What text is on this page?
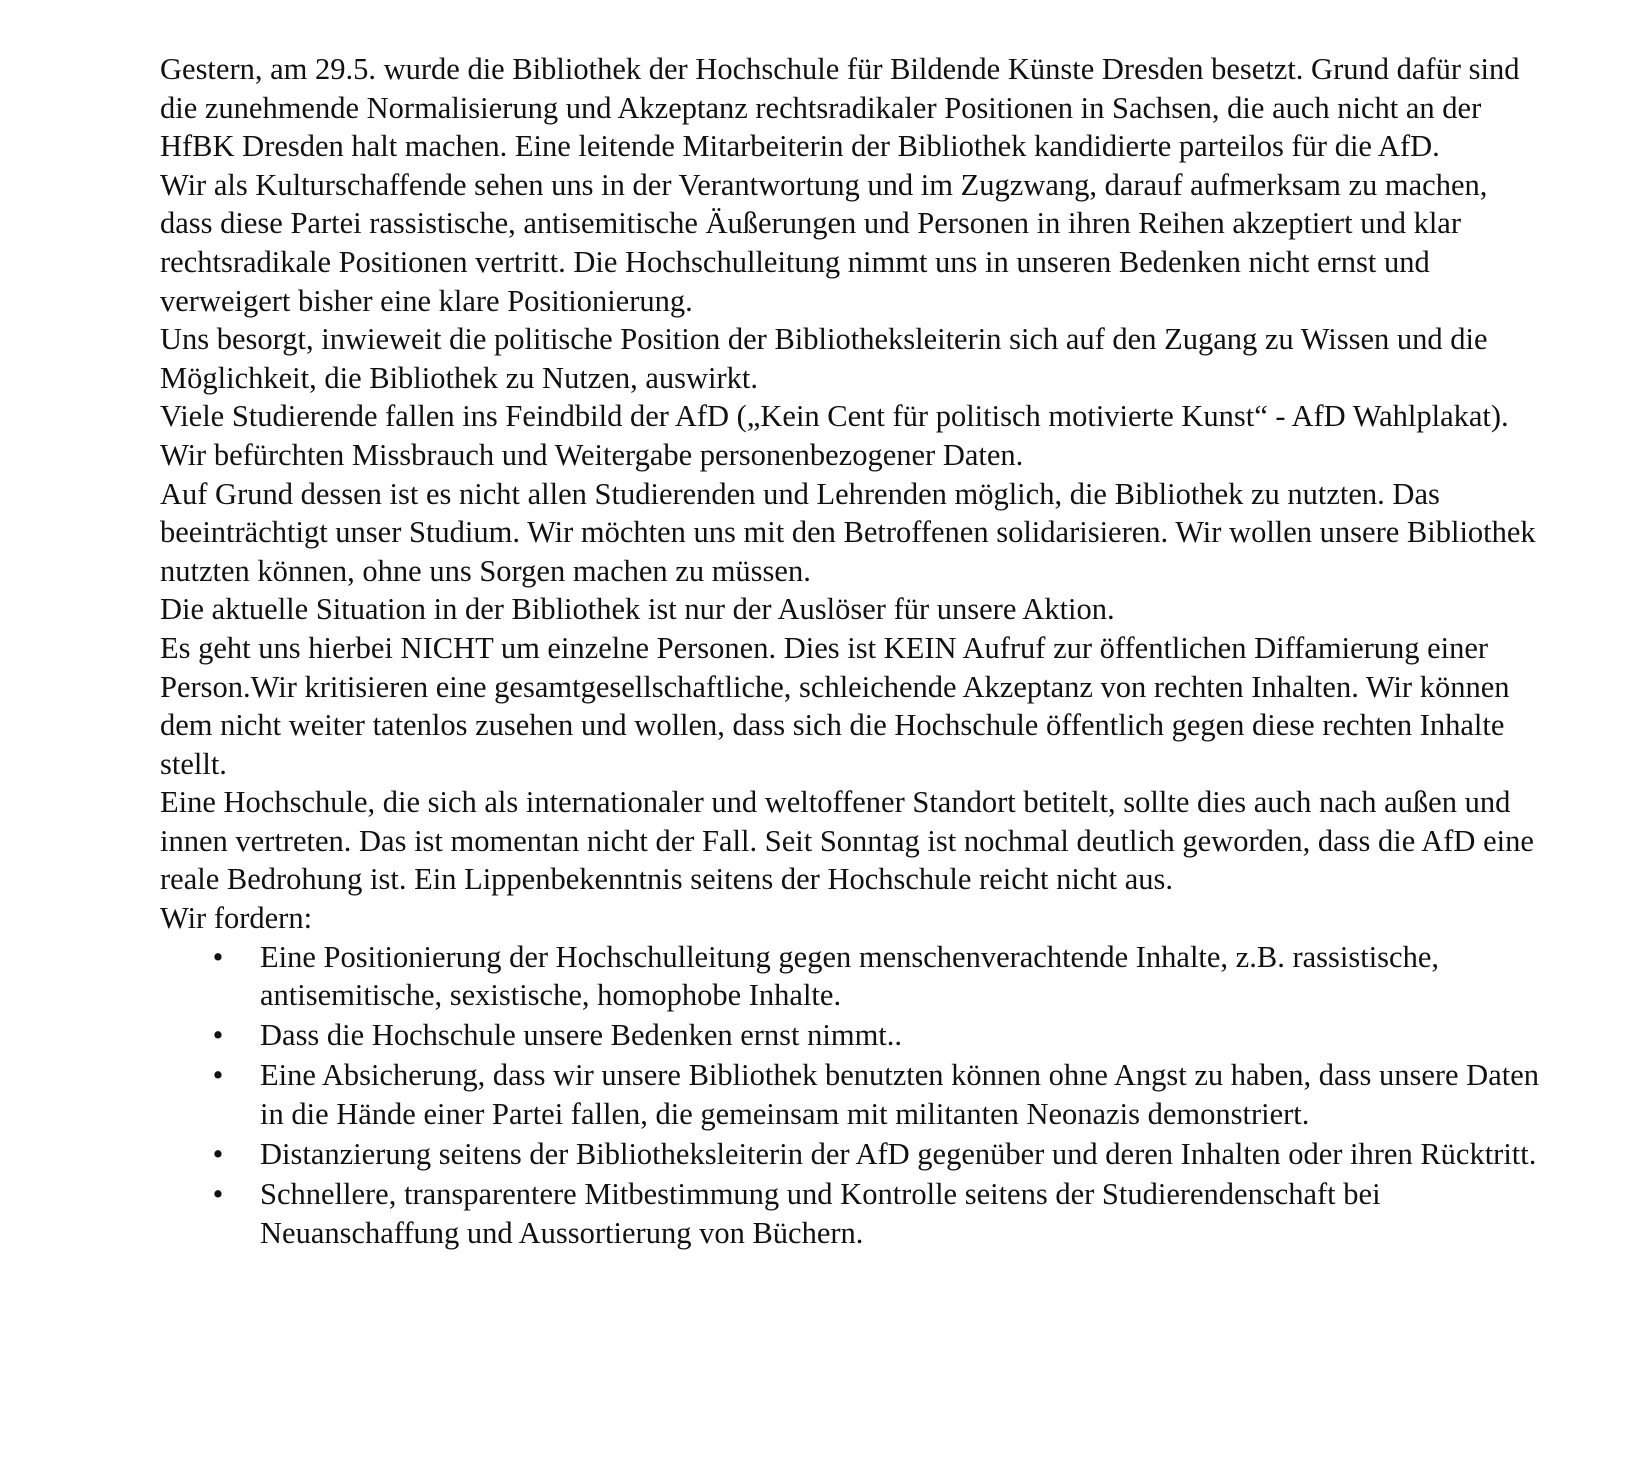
Gestern, am 29.5. wurde die Bibliothek der Hochschule für Bildende Künste Dresden besetzt. Grund dafür sind die zunehmende Normalisierung und Akzeptanz rechtsradikaler Positionen in Sachsen, die auch nicht an der HfBK Dresden halt machen. Eine leitende Mitarbeiterin der Bibliothek kandidierte parteilos für die AfD.

Wir als Kulturschaffende sehen uns in der Verantwortung und im Zugzwang, darauf aufmerksam zu machen, dass diese Partei rassistische, antisemitische Äußerungen und Personen in ihren Reihen akzeptiert und klar rechtsradikale Positionen vertritt. Die Hochschulleitung nimmt uns in unseren Bedenken nicht ernst und verweigert bisher eine klare Positionierung.

Uns besorgt, inwieweit die politische Position der Bibliotheksleiterin sich auf den Zugang zu Wissen und die Möglichkeit, die Bibliothek zu Nutzen, auswirkt.

Viele Studierende fallen ins Feindbild der AfD („Kein Cent für politisch motivierte Kunst“ - AfD Wahlplakat). Wir befürchten Missbrauch und Weitergabe personenbezogener Daten.

Auf Grund dessen ist es nicht allen Studierenden und Lehrenden möglich, die Bibliothek zu nutzten. Das beeinträchtigt unser Studium. Wir möchten uns mit den Betroffenen solidarisieren. Wir wollen unsere Bibliothek nutzten können, ohne uns Sorgen machen zu müssen.

Die aktuelle Situation in der Bibliothek ist nur der Auslöser für unsere Aktion.

Es geht uns hierbei NICHT um einzelne Personen. Dies ist KEIN Aufruf zur öffentlichen Diffamierung einer Person.Wir kritisieren eine gesamtgesellschaftliche, schleichende Akzeptanz von rechten Inhalten. Wir können dem nicht weiter tatenlos zusehen und wollen, dass sich die Hochschule öffentlich gegen diese rechten Inhalte stellt.

Eine Hochschule, die sich als internationaler und weltoffener Standort betitelt, sollte dies auch nach außen und innen vertreten. Das ist momentan nicht der Fall. Seit Sonntag ist nochmal deutlich geworden, dass die AfD eine reale Bedrohung ist. Ein Lippenbekenntnis seitens der Hochschule reicht nicht aus.

Wir fordern:

• Eine Positionierung der Hochschulleitung gegen menschenverachtende Inhalte, z.B. rassistische, antisemitische, sexistische, homophobe Inhalte.
• Dass die Hochschule unsere Bedenken ernst nimmt..
• Eine Absicherung, dass wir unsere Bibliothek benutzten können ohne Angst zu haben, dass unsere Daten in die Hände einer Partei fallen, die gemeinsam mit militanten Neonazis demonstriert.
• Distanzierung seitens der Bibliotheksleiterin der AfD gegenüber und deren Inhalten oder ihren Rücktritt.
• Schnellere, transparentere Mitbestimmung und Kontrolle seitens der Studierendenschaft bei Neuanschaffung und Aussortierung von Büchern.
